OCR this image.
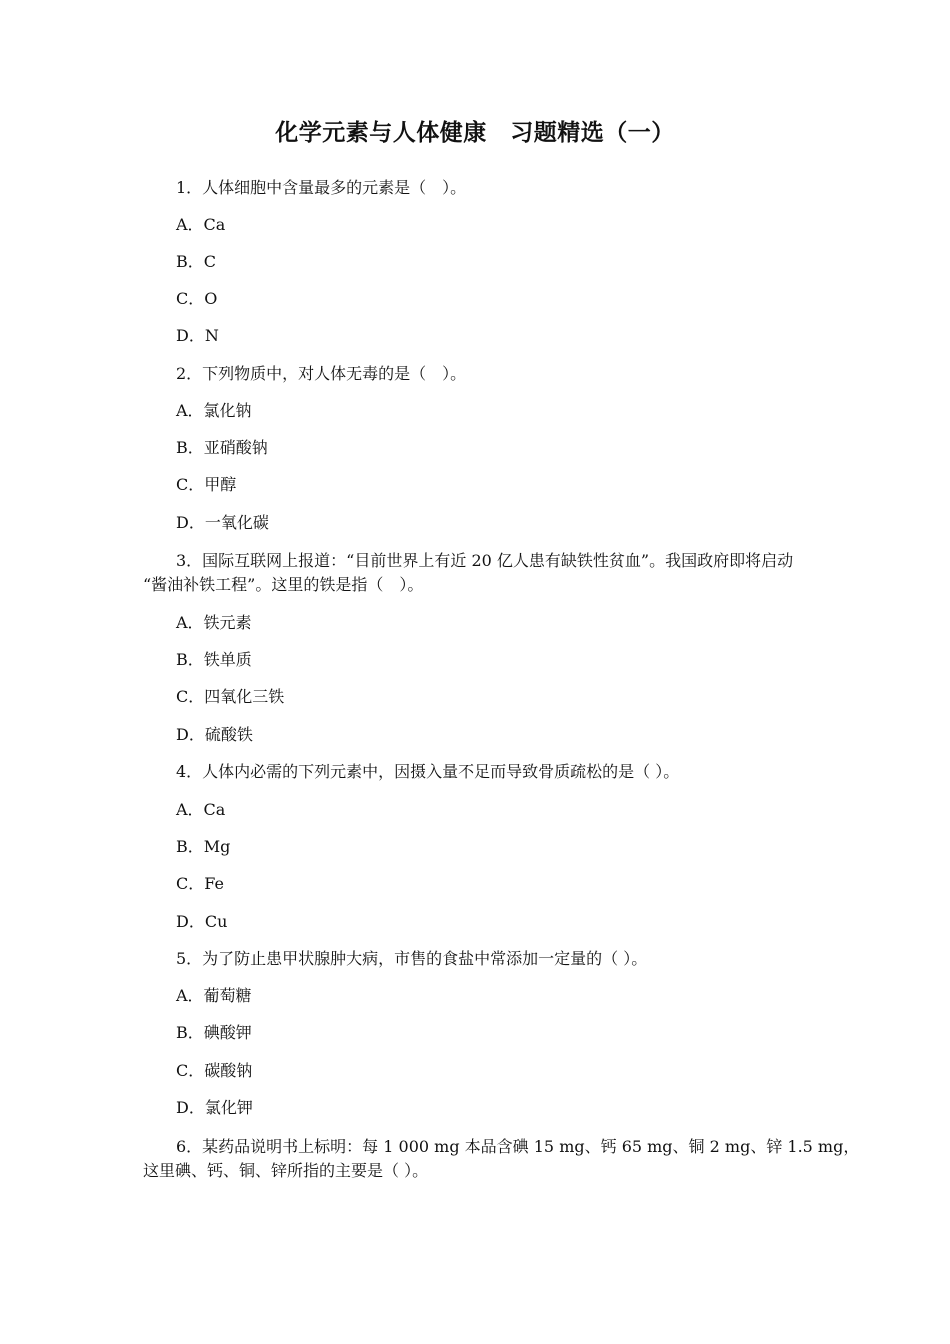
化学元素与人体健康　习题精选（一）
1．人体细胞中含量最多的元素是（　）。
A．Ca
B．C
C．O
D．N
2．下列物质中，对人体无毒的是（　）。
A．氯化钠
B．亚硝酸钠
C．甲醇
D．一氧化碳
3．国际互联网上报道：“目前世界上有近 20 亿人患有缺铁性贫血”。我国政府即将启动
“酱油补铁工程”。这里的铁是指（　）。
A．铁元素
B．铁单质
C．四氧化三铁
D．硫酸铁
4．人体内必需的下列元素中，因摄入量不足而导致骨质疏松的是（ ）。
A．Ca
B．Mg
C．Fe
D．Cu
5．为了防止患甲状腺肿大病，市售的食盐中常添加一定量的（ ）。
A．葡萄糖
B．碘酸钾
C．碳酸钠
D．氯化钾
6．某药品说明书上标明：每 1 000 mg 本品含碘 15 mg、钙 65 mg、铜 2 mg、锌 1.5 mg，
这里碘、钙、铜、锌所指的主要是（ ）。
